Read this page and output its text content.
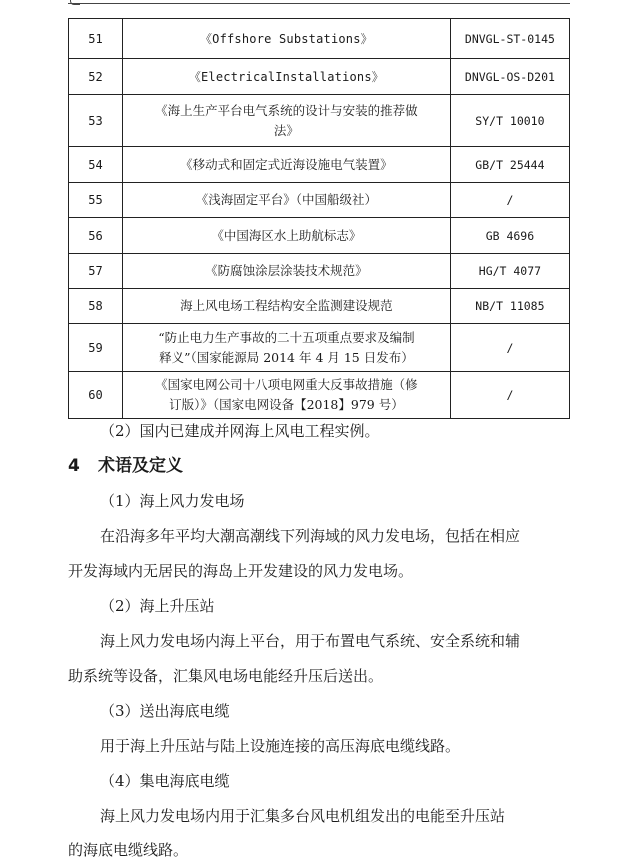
51	《Offshore Substations》	DNVGL-ST-0145
52	《ElectricalInstallations》	DNVGL-OS-D201
53	《海上生产平台电气系统的设计与安装的推荐做
法》	SY/T 10010
54	《移动式和固定式近海设施电气装置》	GB/T 25444
55	《浅海固定平台》（中国船级社）	/
56	《中国海区水上助航标志》	GB 4696
57	《防腐蚀涂层涂装技术规范》	HG/T 4077
58	海上风电场工程结构安全监测建设规范	NB/T 11085
59	“防止电力生产事故的二十五项重点要求及编制
释义”（国家能源局 2014 年 4 月 15 日发布）	/
60	《国家电网公司十八项电网重大反事故措施（修
订版）》（国家电网设备【2018】979 号）	/
（2）国内已建成并网海上风电工程实例。
4 术语及定义
（1）海上风力发电场
在沿海多年平均大潮高潮线下列海域的风力发电场，包括在相应
开发海域内无居民的海岛上开发建设的风力发电场。
（2）海上升压站
海上风力发电场内海上平台，用于布置电气系统、安全系统和辅
助系统等设备，汇集风电场电能经升压后送出。
（3）送出海底电缆
用于海上升压站与陆上设施连接的高压海底电缆线路。
（4）集电海底电缆
海上风力发电场内用于汇集多台风电机组发出的电能至升压站
的海底电缆线路。
